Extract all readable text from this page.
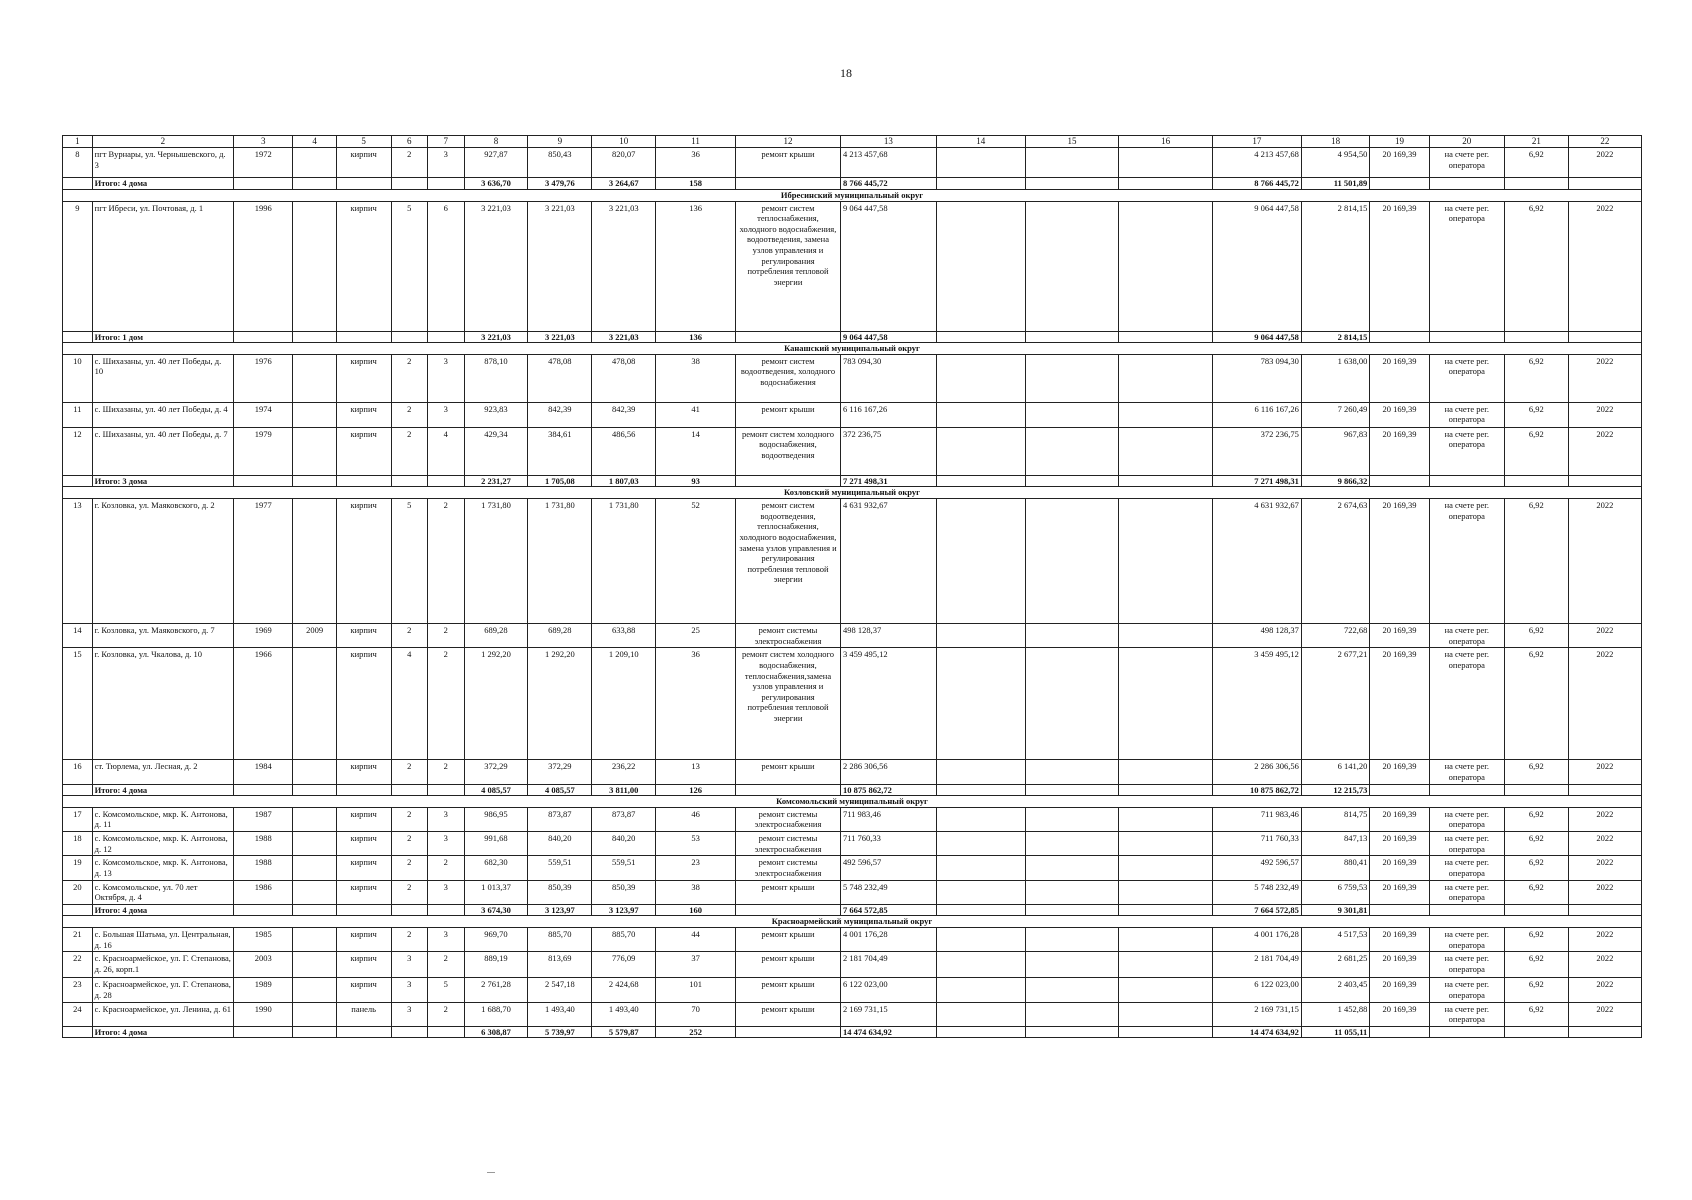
18
1	2	3	4	5	6	7	8	9	10	11	12	13	14	15	16	17	18	19	20	21	22
8	пгт Вурнары, ул. Чернышевского, д. 3	1972		кирпич	2	3	927,87	850,43	820,07	36	ремонт крыши	4 213 457,68				4 213 457,68	4 954,50	20 169,39	на счете рег. оператора	6,92	2022
	Итого: 4 дома						3 636,70	3 479,76	3 264,67	158		8 766 445,72				8 766 445,72	11 501,89				
Ибресинский муниципальный округ																					
9	пгт Ибреси, ул. Почтовая, д. 1	1996		кирпич	5	6	3 221,03	3 221,03	3 221,03	136	ремонт систем теплоснабжения, холодного водоснабжения, водоотведения, замена узлов управления и регулирования потребления тепловой энергии	9 064 447,58				9 064 447,58	2 814,15	20 169,39	на счете рег. оператора	6,92	2022
	Итого: 1 дом						3 221,03	3 221,03	3 221,03	136		9 064 447,58				9 064 447,58	2 814,15				
Канашский муниципальный округ																					
10	с. Шихазаны, ул. 40 лет Победы, д. 10	1976		кирпич	2	3	878,10	478,08	478,08	38	ремонт систем водоотведения, холодного водоснабжения	783 094,30				783 094,30	1 638,00	20 169,39	на счете рег. оператора	6,92	2022
11	с. Шихазаны, ул. 40 лет Победы, д. 4	1974		кирпич	2	3	923,83	842,39	842,39	41	ремонт крыши	6 116 167,26				6 116 167,26	7 260,49	20 169,39	на счете рег. оператора	6,92	2022
12	с. Шихазаны, ул. 40 лет Победы, д. 7	1979		кирпич	2	4	429,34	384,61	486,56	14	ремонт систем холодного водоснабжения, водоотведения	372 236,75				372 236,75	967,83	20 169,39	на счете рег. оператора	6,92	2022
	Итого: 3 дома						2 231,27	1 705,08	1 807,03	93		7 271 498,31				7 271 498,31	9 866,32				
Козловский муниципальный округ																					
13	г. Козловка, ул. Маяковского, д. 2	1977		кирпич	5	2	1 731,80	1 731,80	1 731,80	52	ремонт систем водоотведения, теплоснабжения, холодного водоснабжения, замена узлов управления и регулирования потребления тепловой энергии	4 631 932,67				4 631 932,67	2 674,63	20 169,39	на счете рег. оператора	6,92	2022
14	г. Козловка, ул. Маяковского, д. 7	1969	2009	кирпич	2	2	689,28	689,28	633,88	25	ремонт системы электроснабжения	498 128,37				498 128,37	722,68	20 169,39	на счете рег. оператора	6,92	2022
15	г. Козловка, ул. Чкалова, д. 10	1966		кирпич	4	2	1 292,20	1 292,20	1 209,10	36	ремонт систем холодного водоснабжения, теплоснабжения,замена узлов управления и регулирования потребления тепловой энергии	3 459 495,12				3 459 495,12	2 677,21	20 169,39	на счете рег. оператора	6,92	2022
16	ст. Тюрлема, ул. Лесная, д. 2	1984		кирпич	2	2	372,29	372,29	236,22	13	ремонт крыши	2 286 306,56				2 286 306,56	6 141,20	20 169,39	на счете рег. оператора	6,92	2022
	Итого: 4 дома						4 085,57	4 085,57	3 811,00	126		10 875 862,72				10 875 862,72	12 215,73				
Комсомольский муниципальный округ																					
17	с. Комсомольское, мкр. К. Антонова, д. 11	1987		кирпич	2	3	986,95	873,87	873,87	46	ремонт системы электроснабжения	711 983,46				711 983,46	814,75	20 169,39	на счете рег. оператора	6,92	2022
18	с. Комсомольское, мкр. К. Антонова, д. 12	1988		кирпич	2	3	991,68	840,20	840,20	53	ремонт системы электроснабжения	711 760,33				711 760,33	847,13	20 169,39	на счете рег. оператора	6,92	2022
19	с. Комсомольское, мкр. К. Антонова, д. 13	1988		кирпич	2	2	682,30	559,51	559,51	23	ремонт системы электроснабжения	492 596,57				492 596,57	880,41	20 169,39	на счете рег. оператора	6,92	2022
20	с. Комсомольское, ул. 70 лет Октября, д. 4	1986		кирпич	2	3	1 013,37	850,39	850,39	38	ремонт крыши	5 748 232,49				5 748 232,49	6 759,53	20 169,39	на счете рег. оператора	6,92	2022
	Итого: 4 дома						3 674,30	3 123,97	3 123,97	160		7 664 572,85				7 664 572,85	9 301,81				
Красноармейский муниципальный округ																					
21	с. Большая Шатьма, ул. Центральная, д. 16	1985		кирпич	2	3	969,70	885,70	885,70	44	ремонт крыши	4 001 176,28				4 001 176,28	4 517,53	20 169,39	на счете рег. оператора	6,92	2022
22	с. Красноармейское, ул. Г. Степанова, д. 26, корп.1	2003		кирпич	3	2	889,19	813,69	776,09	37	ремонт крыши	2 181 704,49				2 181 704,49	2 681,25	20 169,39	на счете рег. оператора	6,92	2022
23	с. Красноармейское, ул. Г. Степанова, д. 28	1989		кирпич	3	5	2 761,28	2 547,18	2 424,68	101	ремонт крыши	6 122 023,00				6 122 023,00	2 403,45	20 169,39	на счете рег. оператора	6,92	2022
24	с. Красноармейское, ул. Ленина, д. 61	1990		панель	3	2	1 688,70	1 493,40	1 493,40	70	ремонт крыши	2 169 731,15				2 169 731,15	1 452,88	20 169,39	на счете рег. оператора	6,92	2022
	Итого: 4 дома						6 308,87	5 739,97	5 579,87	252		14 474 634,92				14 474 634,92	11 055,11				
